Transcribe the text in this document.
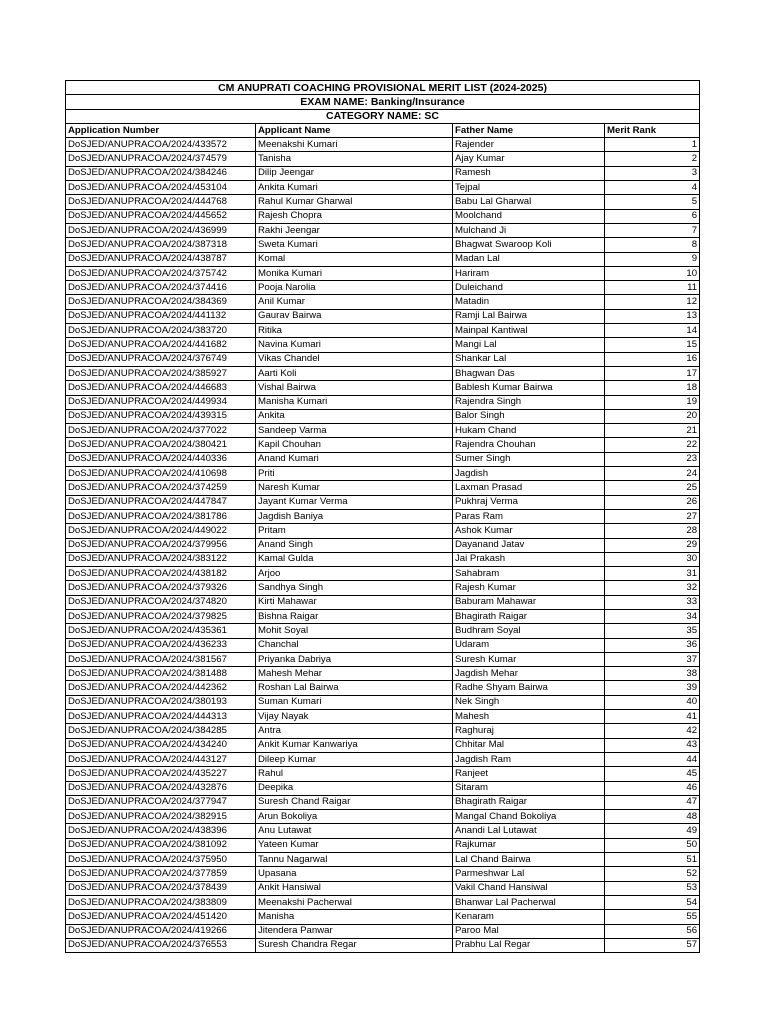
CM ANUPRATI COACHING PROVISIONAL MERIT LIST (2024-2025)			
EXAM NAME: Banking/Insurance			
CATEGORY NAME: SC			
Application Number	Applicant Name	Father Name	Merit Rank
DoSJED/ANUPRACOA/2024/433572	Meenakshi Kumari	Rajender	1
DoSJED/ANUPRACOA/2024/374579	Tanisha	Ajay Kumar	2
DoSJED/ANUPRACOA/2024/384246	Dilip Jeengar	Ramesh	3
DoSJED/ANUPRACOA/2024/453104	Ankita Kumari	Tejpal	4
DoSJED/ANUPRACOA/2024/444768	Rahul Kumar Gharwal	Babu Lal Gharwal	5
DoSJED/ANUPRACOA/2024/445652	Rajesh Chopra	Moolchand	6
DoSJED/ANUPRACOA/2024/436999	Rakhi Jeengar	Mulchand Ji	7
DoSJED/ANUPRACOA/2024/387318	Sweta Kumari	Bhagwat Swaroop Koli	8
DoSJED/ANUPRACOA/2024/438787	Komal	Madan Lal	9
DoSJED/ANUPRACOA/2024/375742	Monika Kumari	Hariram	10
DoSJED/ANUPRACOA/2024/374416	Pooja Narolia	Duleichand	11
DoSJED/ANUPRACOA/2024/384369	Anil Kumar	Matadin	12
DoSJED/ANUPRACOA/2024/441132	Gaurav Bairwa	Ramji Lal Bairwa	13
DoSJED/ANUPRACOA/2024/383720	Ritika	Mainpal Kantiwal	14
DoSJED/ANUPRACOA/2024/441682	Navina Kumari	Mangi Lal	15
DoSJED/ANUPRACOA/2024/376749	Vikas Chandel	Shankar Lal	16
DoSJED/ANUPRACOA/2024/385927	Aarti Koli	Bhagwan Das	17
DoSJED/ANUPRACOA/2024/446683	Vishal Bairwa	Bablesh Kumar Bairwa	18
DoSJED/ANUPRACOA/2024/449934	Manisha Kumari	Rajendra Singh	19
DoSJED/ANUPRACOA/2024/439315	Ankita	Balor Singh	20
DoSJED/ANUPRACOA/2024/377022	Sandeep Varma	Hukam Chand	21
DoSJED/ANUPRACOA/2024/380421	Kapil Chouhan	Rajendra Chouhan	22
DoSJED/ANUPRACOA/2024/440336	Anand Kumari	Sumer Singh	23
DoSJED/ANUPRACOA/2024/410698	Priti	Jagdish	24
DoSJED/ANUPRACOA/2024/374259	Naresh Kumar	Laxman Prasad	25
DoSJED/ANUPRACOA/2024/447847	Jayant Kumar Verma	Pukhraj Verma	26
DoSJED/ANUPRACOA/2024/381786	Jagdish Baniya	Paras Ram	27
DoSJED/ANUPRACOA/2024/449022	Pritam	Ashok Kumar	28
DoSJED/ANUPRACOA/2024/379956	Anand Singh	Dayanand Jatav	29
DoSJED/ANUPRACOA/2024/383122	Kamal Gulda	Jai Prakash	30
DoSJED/ANUPRACOA/2024/438182	Arjoo	Sahabram	31
DoSJED/ANUPRACOA/2024/379326	Sandhya Singh	Rajesh Kumar	32
DoSJED/ANUPRACOA/2024/374820	Kirti Mahawar	Baburam Mahawar	33
DoSJED/ANUPRACOA/2024/379825	Bishna Raigar	Bhagirath Raigar	34
DoSJED/ANUPRACOA/2024/435361	Mohit Soyal	Budhram Soyal	35
DoSJED/ANUPRACOA/2024/436233	Chanchal	Udaram	36
DoSJED/ANUPRACOA/2024/381567	Priyanka Dabriya	Suresh Kumar	37
DoSJED/ANUPRACOA/2024/381488	Mahesh Mehar	Jagdish Mehar	38
DoSJED/ANUPRACOA/2024/442362	Roshan Lal Bairwa	Radhe Shyam Bairwa	39
DoSJED/ANUPRACOA/2024/380193	Suman Kumari	Nek Singh	40
DoSJED/ANUPRACOA/2024/444313	Vijay Nayak	Mahesh	41
DoSJED/ANUPRACOA/2024/384285	Antra	Raghuraj	42
DoSJED/ANUPRACOA/2024/434240	Ankit Kumar Kanwariya	Chhitar Mal	43
DoSJED/ANUPRACOA/2024/443127	Dileep Kumar	Jagdish Ram	44
DoSJED/ANUPRACOA/2024/435227	Rahul	Ranjeet	45
DoSJED/ANUPRACOA/2024/432876	Deepika	Sitaram	46
DoSJED/ANUPRACOA/2024/377947	Suresh Chand Raigar	Bhagirath Raigar	47
DoSJED/ANUPRACOA/2024/382915	Arun Bokoliya	Mangal Chand Bokoliya	48
DoSJED/ANUPRACOA/2024/438396	Anu Lutawat	Anandi Lal Lutawat	49
DoSJED/ANUPRACOA/2024/381092	Yateen Kumar	Rajkumar	50
DoSJED/ANUPRACOA/2024/375950	Tannu Nagarwal	Lal Chand Bairwa	51
DoSJED/ANUPRACOA/2024/377859	Upasana	Parmeshwar Lal	52
DoSJED/ANUPRACOA/2024/378439	Ankit Hansiwal	Vakil Chand Hansiwal	53
DoSJED/ANUPRACOA/2024/383809	Meenakshi Pacherwal	Bhanwar Lal Pacherwal	54
DoSJED/ANUPRACOA/2024/451420	Manisha	Kenaram	55
DoSJED/ANUPRACOA/2024/419266	Jitendera Panwar	Paroo Mal	56
DoSJED/ANUPRACOA/2024/376553	Suresh Chandra Regar	Prabhu Lal Regar	57
